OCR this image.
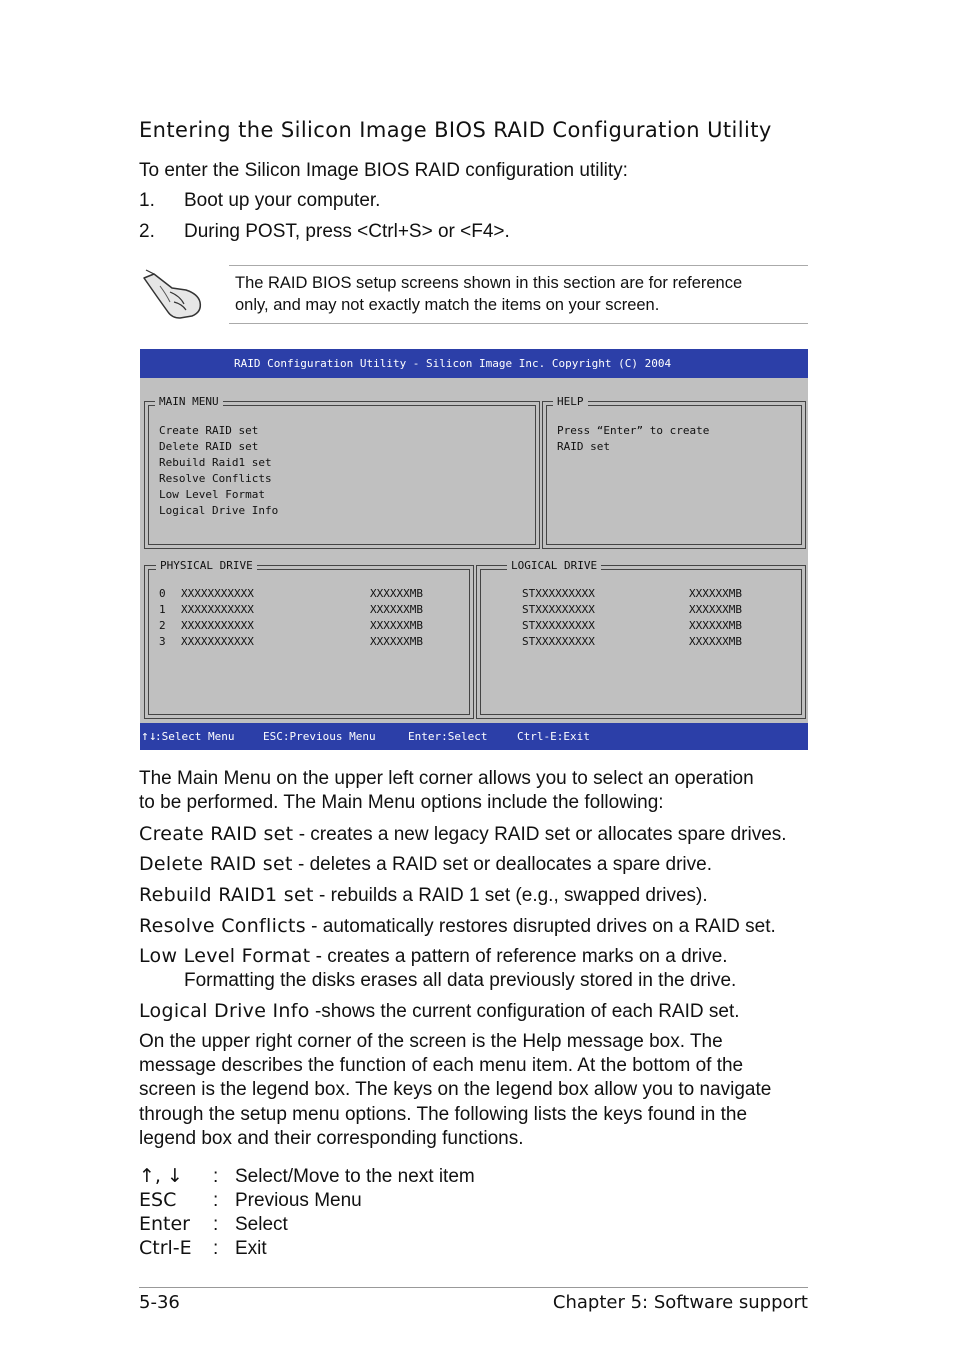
Entering the Silicon Image BIOS RAID Configuration Utility
To enter the Silicon Image BIOS RAID configuration utility:
1. Boot up your computer.
2. During POST, press <Ctrl+S> or <F4>.
The RAID BIOS setup screens shown in this section are for reference
only, and may not exactly match the items on your screen.
RAID Configuration Utility - Silicon Image Inc. Copyright (C) 2004
MAIN MENU
Create RAID set
Delete RAID set
Rebuild Raid1 set
Resolve Conflicts
Low Level Format
Logical Drive Info
HELP
Press “Enter” to create
RAID set
PHYSICAL DRIVE
0 XXXXXXXXXXX	XXXXXXMB
1 XXXXXXXXXXX	XXXXXXMB
2 XXXXXXXXXXX	XXXXXXMB
3 XXXXXXXXXXX	XXXXXXMB
LOGICAL DRIVE
STXXXXXXXXX	XXXXXXMB
STXXXXXXXXX	XXXXXXMB
STXXXXXXXXX	XXXXXXMB
STXXXXXXXXX	XXXXXXMB
↑↓
:Select Menu	ESC:Previous Menu	Enter:Select	Ctrl-E:Exit
The Main Menu on the upper left corner allows you to select an operation
to be performed. The Main Menu options include the following:
Create RAID set - creates a new legacy RAID set or allocates spare drives.
Delete RAID set - deletes a RAID set or deallocates a spare drive.
Rebuild RAID1 set - rebuilds a RAID 1 set (e.g., swapped drives).
Resolve Conflicts - automatically restores disrupted drives on a RAID set.
Low Level Format - creates a pattern of reference marks on a drive.
Formatting the disks erases all data previously stored in the drive.
Logical Drive Info -shows the current configuration of each RAID set.
On the upper right corner of the screen is the Help message box. The
message describes the function of each menu item. At the bottom of the
screen is the legend box. The keys on the legend box allow you to navigate
through the setup menu options. The following lists the keys found in the
legend box and their corresponding functions.
↑, ↓ : Select/Move to the next item
ESC : Previous Menu
Enter : Select
Ctrl-E : Exit
5-36	Chapter 5: Software support
